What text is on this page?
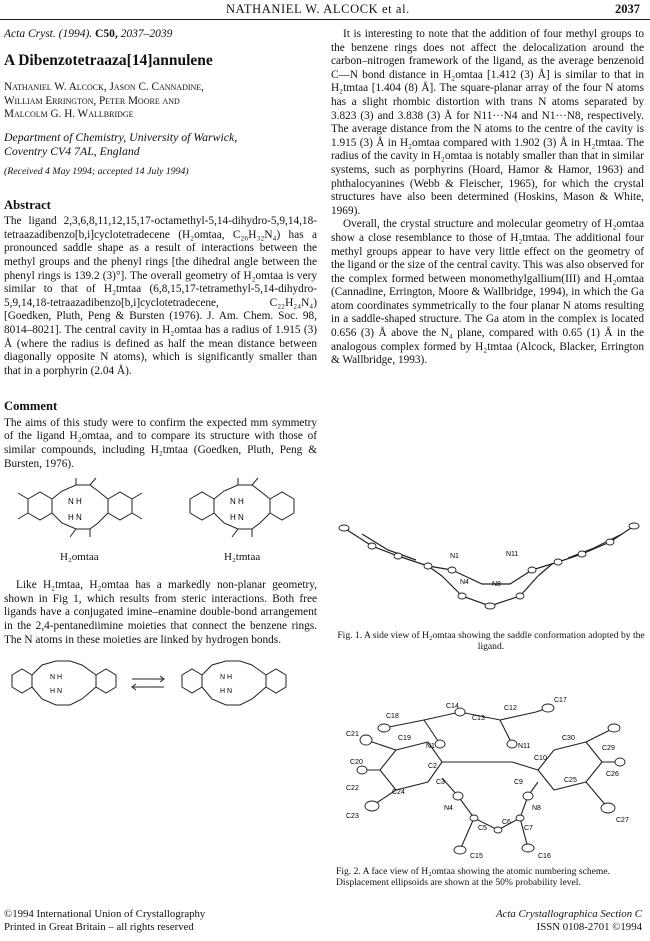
NATHANIEL W. ALCOCK et al.	2037
Acta Cryst. (1994). C50, 2037–2039
A Dibenzotetraaza[14]annulene
Nathaniel W. Alcock, Jason C. Cannadine,
William Errington, Peter Moore and
Malcolm G. H. Wallbridge
Department of Chemistry, University of Warwick,
Coventry CV4 7AL, England
(Received 4 May 1994; accepted 14 July 1994)
Abstract

The ligand 2,3,6,8,11,12,15,17-octamethyl-5,14-dihydro-5,9,14,18-tetraazadibenzo[b,i]cyclotetradecene (H₂omtaa, C₂₆H₃₂N₄) has a pronounced saddle shape as a result of interactions between the methyl groups and the phenyl rings [the dihedral angle between the phenyl rings is 139.2 (3)°]. The overall geometry of H₂omtaa is very similar to that of H₂tmtaa (6,8,15,17-tetramethyl-5,14-dihydro-5,9,14,18-tetraazadibenzo[b,i]cyclotetradecene, C₂₂H₂₄N₄) [Goedken, Pluth, Peng & Bursten (1976). J. Am. Chem. Soc. 98, 8014–8021]. The central cavity in H₂omtaa has a radius of 1.915 (3) Å (where the radius is defined as half the mean distance between diagonally opposite N atoms), which is significantly smaller than that in a porphyrin (2.04 Å).

Comment

The aims of this study were to confirm the expected mm symmetry of the ligand H₂omtaa, and to compare its structure with those of similar compounds, including H₂tmtaa (Goedken, Pluth, Peng & Bursten, 1976).

N H
H N
N H
H N
H₂omtaa	H₂tmtaa

Like H₂tmtaa, H₂omtaa has a markedly non-planar geometry, shown in Fig 1, which results from steric interactions. Both free ligands have a conjugated imine–enamine double-bond arrangement in the 2,4-pentanediimine moieties that connect the benzene rings. The N atoms in these moieties are linked by hydrogen bonds.

N H
H N
N H
H N

It is interesting to note that the addition of four methyl groups to the benzene rings does not affect the delocalization around the carbon–nitrogen framework of the ligand, as the average benzenoid C—N bond distance in H₂omtaa [1.412 (3) Å] is similar to that in H₂tmtaa [1.404 (8) Å]. The square-planar array of the four N atoms has a slight rhombic distortion with trans N atoms separated by 3.823 (3) and 3.838 (3) Å for N11···N4 and N1···N8, respectively. The average distance from the N atoms to the centre of the cavity is 1.915 (3) Å in H₂omtaa compared with 1.902 (3) Å in H₂tmtaa. The radius of the cavity in H₂omtaa is notably smaller than that in similar systems, such as porphyrins (Hoard, Hamor & Hamor, 1963) and phthalocyanines (Webb & Fleischer, 1965), for which the crystal structures have also been determined (Hoskins, Mason & White, 1969).

Overall, the crystal structure and molecular geometry of H₂omtaa show a close resemblance to those of H₂tmtaa. The additional four methyl groups appear to have very little effect on the geometry of the ligand or the size of the central cavity. This was also observed for the complex formed between monomethylgallium(III) and H₂omtaa (Cannadine, Errington, Moore & Wallbridge, 1994), in which the Ga atom coordinates symmetrically to the four planar N atoms resulting in a saddle-shaped structure. The Ga atom in the complex is located 0.656 (3) Å above the N₄ plane, compared with 0.65 (1) Å in the analogous complex formed by H₂tmtaa (Alcock, Blacker, Errington & Wallbridge, 1993).

N1	N11
N4	N8
Fig. 1. A side view of H₂omtaa showing the saddle conformation adopted by the ligand.
C18
C14
C13
C12
C17
C21
C19
N1	N11
C10
C30
C29
C20
C2
C26
C22
C3	C9	C25
C24
N4	N8
C23
C5
C6
C7
C27
C15	C16
Fig. 2. A face view of H₂omtaa showing the atomic numbering scheme. Displacement ellipsoids are shown at the 50% probability level.
©1994 International Union of Crystallography
Printed in Great Britain – all rights reserved
Acta Crystallographica Section C
ISSN 0108-2701 ©1994
